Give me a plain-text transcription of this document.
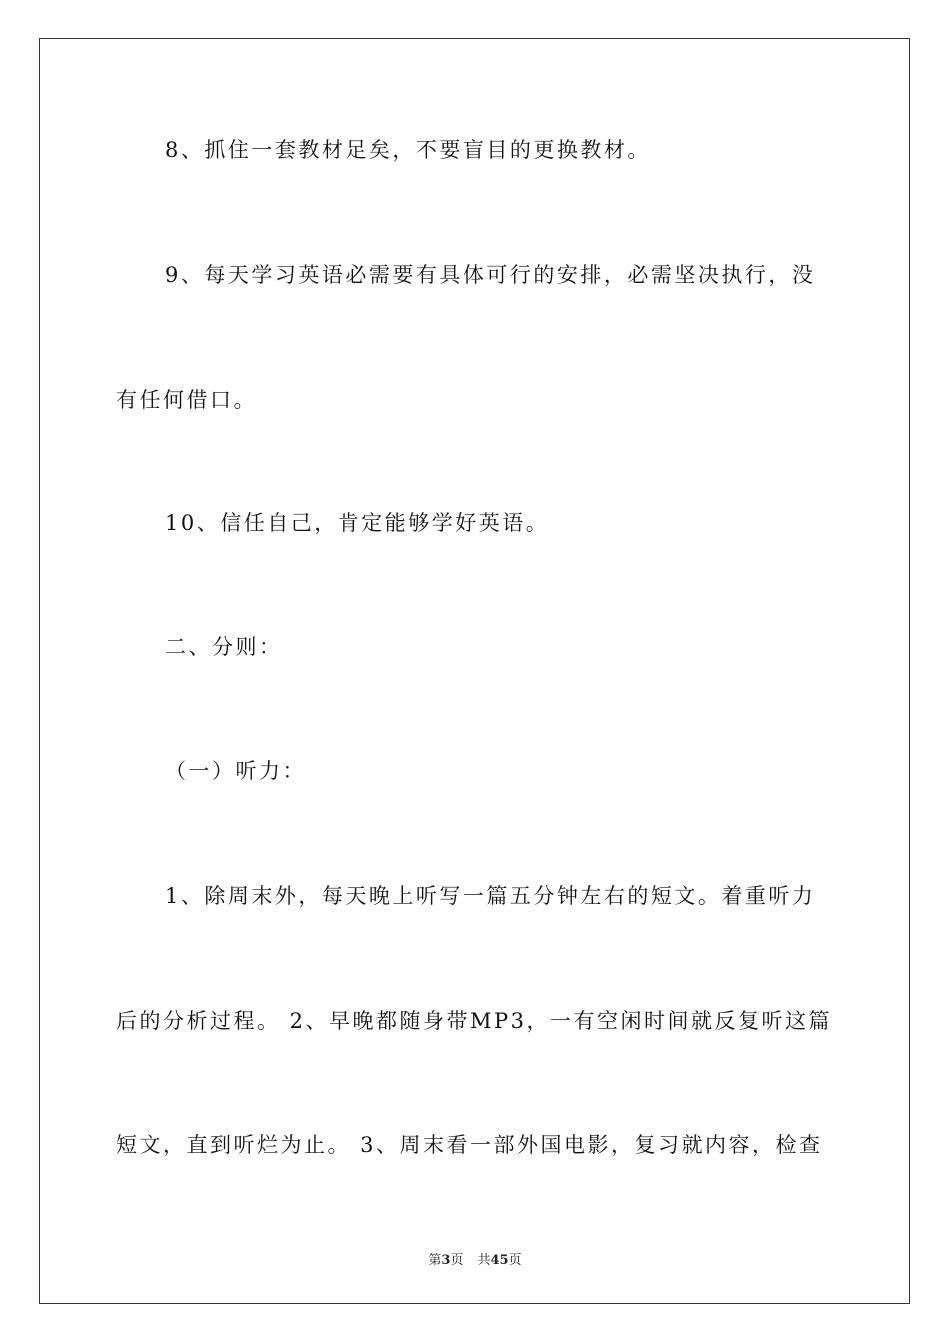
8、抓住一套教材足矣，不要盲目的更换教材。
9、每天学习英语必需要有具体可行的安排，必需坚决执行，没
有任何借口。
10、信任自己，肯定能够学好英语。
二、分则：
（一）听力：
1、除周末外，每天晚上听写一篇五分钟左右的短文。着重听力
后的分析过程。 2、早晚都随身带MP3，一有空闲时间就反复听这篇
短文，直到听烂为止。 3、周末看一部外国电影，复习就内容，检查
第3页 共45页
